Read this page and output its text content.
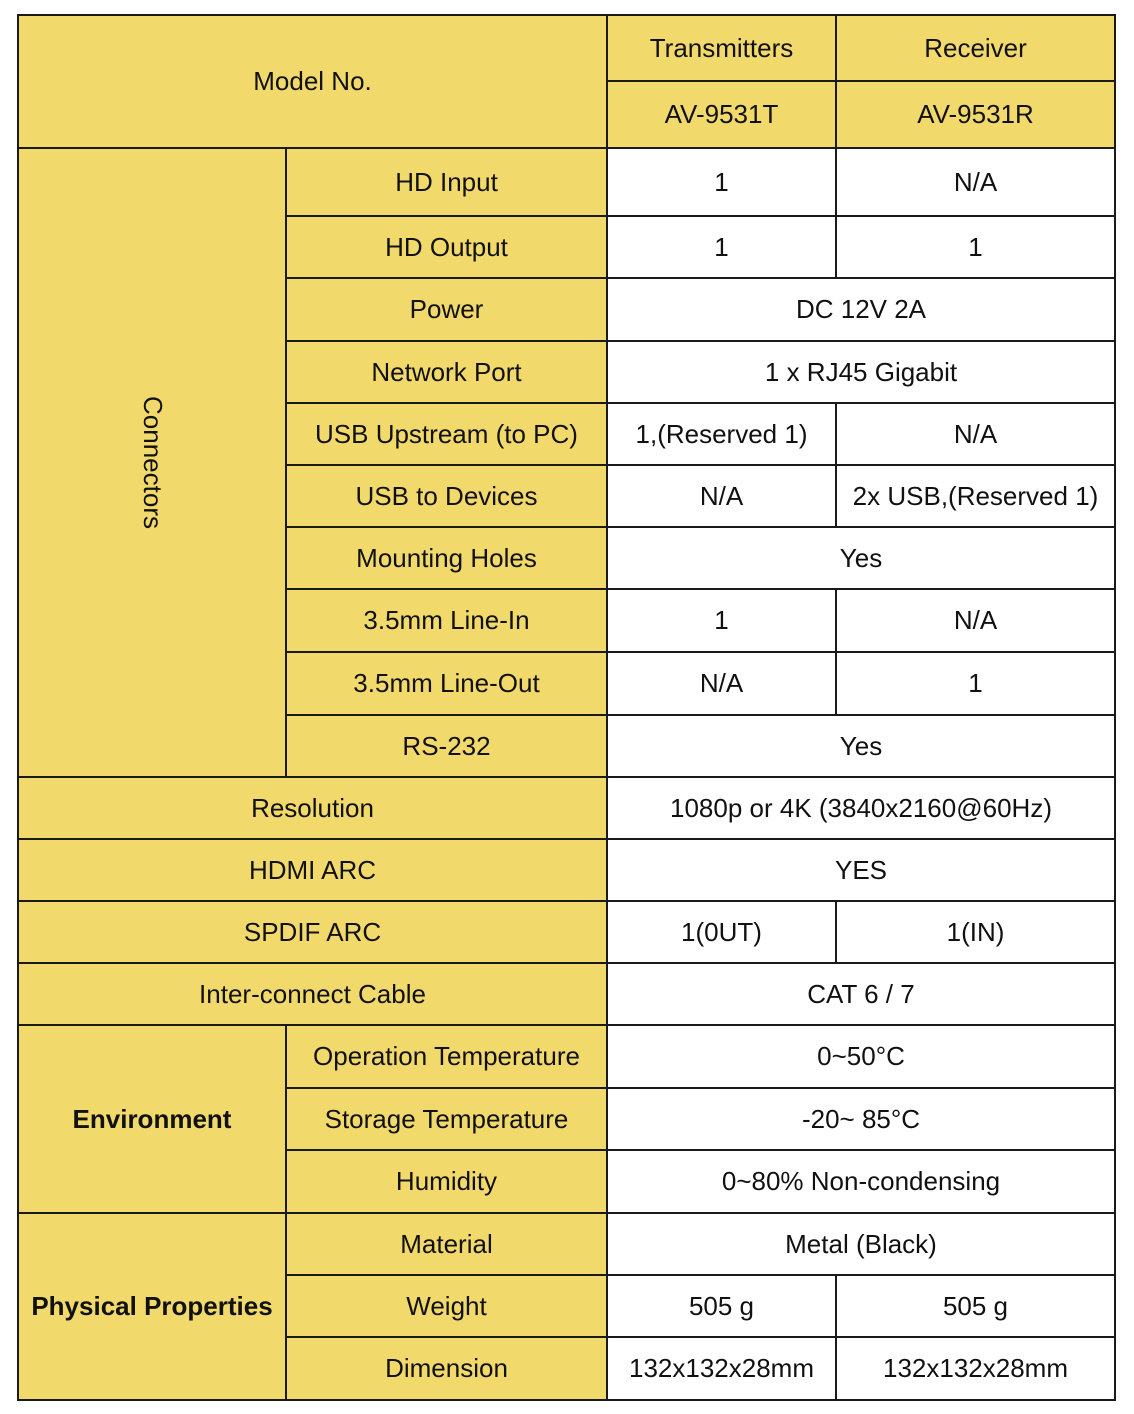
Model No.		Transmitters	Receiver
		AV-9531T	AV-9531R
Connectors	HD Input	1	N/A
	HD Output	1	1
	Power	DC 12V 2A	
	Network Port	1 x RJ45 Gigabit	
	USB Upstream (to PC)	1,(Reserved 1)	N/A
	USB to Devices	N/A	2x USB,(Reserved 1)
	Mounting Holes	Yes	
	3.5mm Line-In	1	N/A
	3.5mm Line-Out	N/A	1
	RS-232	Yes	
Resolution		1080p or 4K (3840x2160@60Hz)	
HDMI ARC		YES	
SPDIF ARC		1(0UT)	1(IN)
Inter-connect Cable		CAT 6 / 7	
Environment	Operation Temperature	0~50°C	
	Storage Temperature	-20~ 85°C	
	Humidity	0~80% Non-condensing	
Physical Properties	Material	Metal (Black)	
	Weight	505 g	505 g
	Dimension	132x132x28mm	132x132x28mm
